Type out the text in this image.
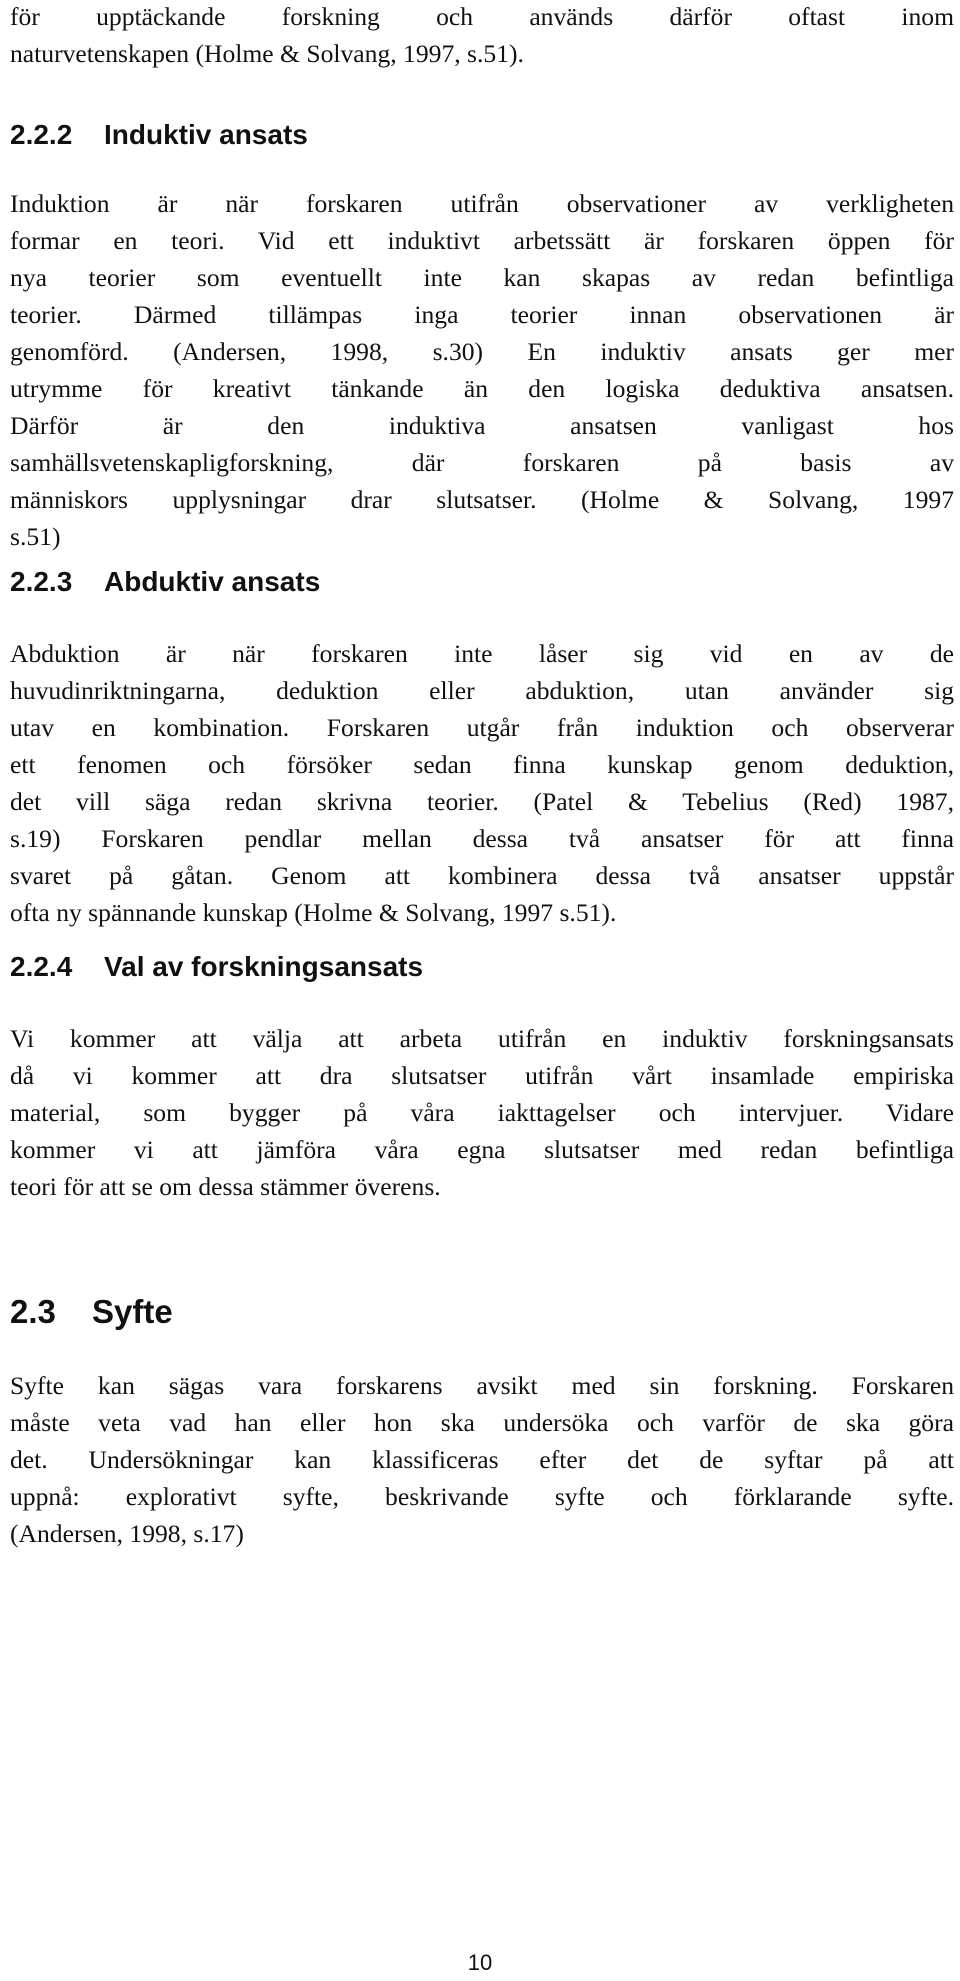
för upptäckande forskning och används därför oftast inom
naturvetenskapen (Holme & Solvang, 1997, s.51).
2.2.2 Induktiv ansats
Induktion är när forskaren utifrån observationer av verkligheten
formar en teori. Vid ett induktivt arbetssätt är forskaren öppen för
nya teorier som eventuellt inte kan skapas av redan befintliga
teorier. Därmed tillämpas inga teorier innan observationen är
genomförd. (Andersen, 1998, s.30) En induktiv ansats ger mer
utrymme för kreativt tänkande än den logiska deduktiva ansatsen.
Därför är den induktiva ansatsen vanligast hos
samhällsvetenskapligforskning, där forskaren på basis av
människors upplysningar drar slutsatser. (Holme & Solvang, 1997
s.51)
2.2.3 Abduktiv ansats
Abduktion är när forskaren inte låser sig vid en av de
huvudinriktningarna, deduktion eller abduktion, utan använder sig
utav en kombination. Forskaren utgår från induktion och observerar
ett fenomen och försöker sedan finna kunskap genom deduktion,
det vill säga redan skrivna teorier. (Patel & Tebelius (Red) 1987,
s.19) Forskaren pendlar mellan dessa två ansatser för att finna
svaret på gåtan. Genom att kombinera dessa två ansatser uppstår
ofta ny spännande kunskap (Holme & Solvang, 1997 s.51).
2.2.4 Val av forskningsansats
Vi kommer att välja att arbeta utifrån en induktiv forskningsansats
då vi kommer att dra slutsatser utifrån vårt insamlade empiriska
material, som bygger på våra iakttagelser och intervjuer. Vidare
kommer vi att jämföra våra egna slutsatser med redan befintliga
teori för att se om dessa stämmer överens.
2.3 Syfte
Syfte kan sägas vara forskarens avsikt med sin forskning. Forskaren
måste veta vad han eller hon ska undersöka och varför de ska göra
det. Undersökningar kan klassificeras efter det de syftar på att
uppnå: explorativt syfte, beskrivande syfte och förklarande syfte.
(Andersen, 1998, s.17)

10
